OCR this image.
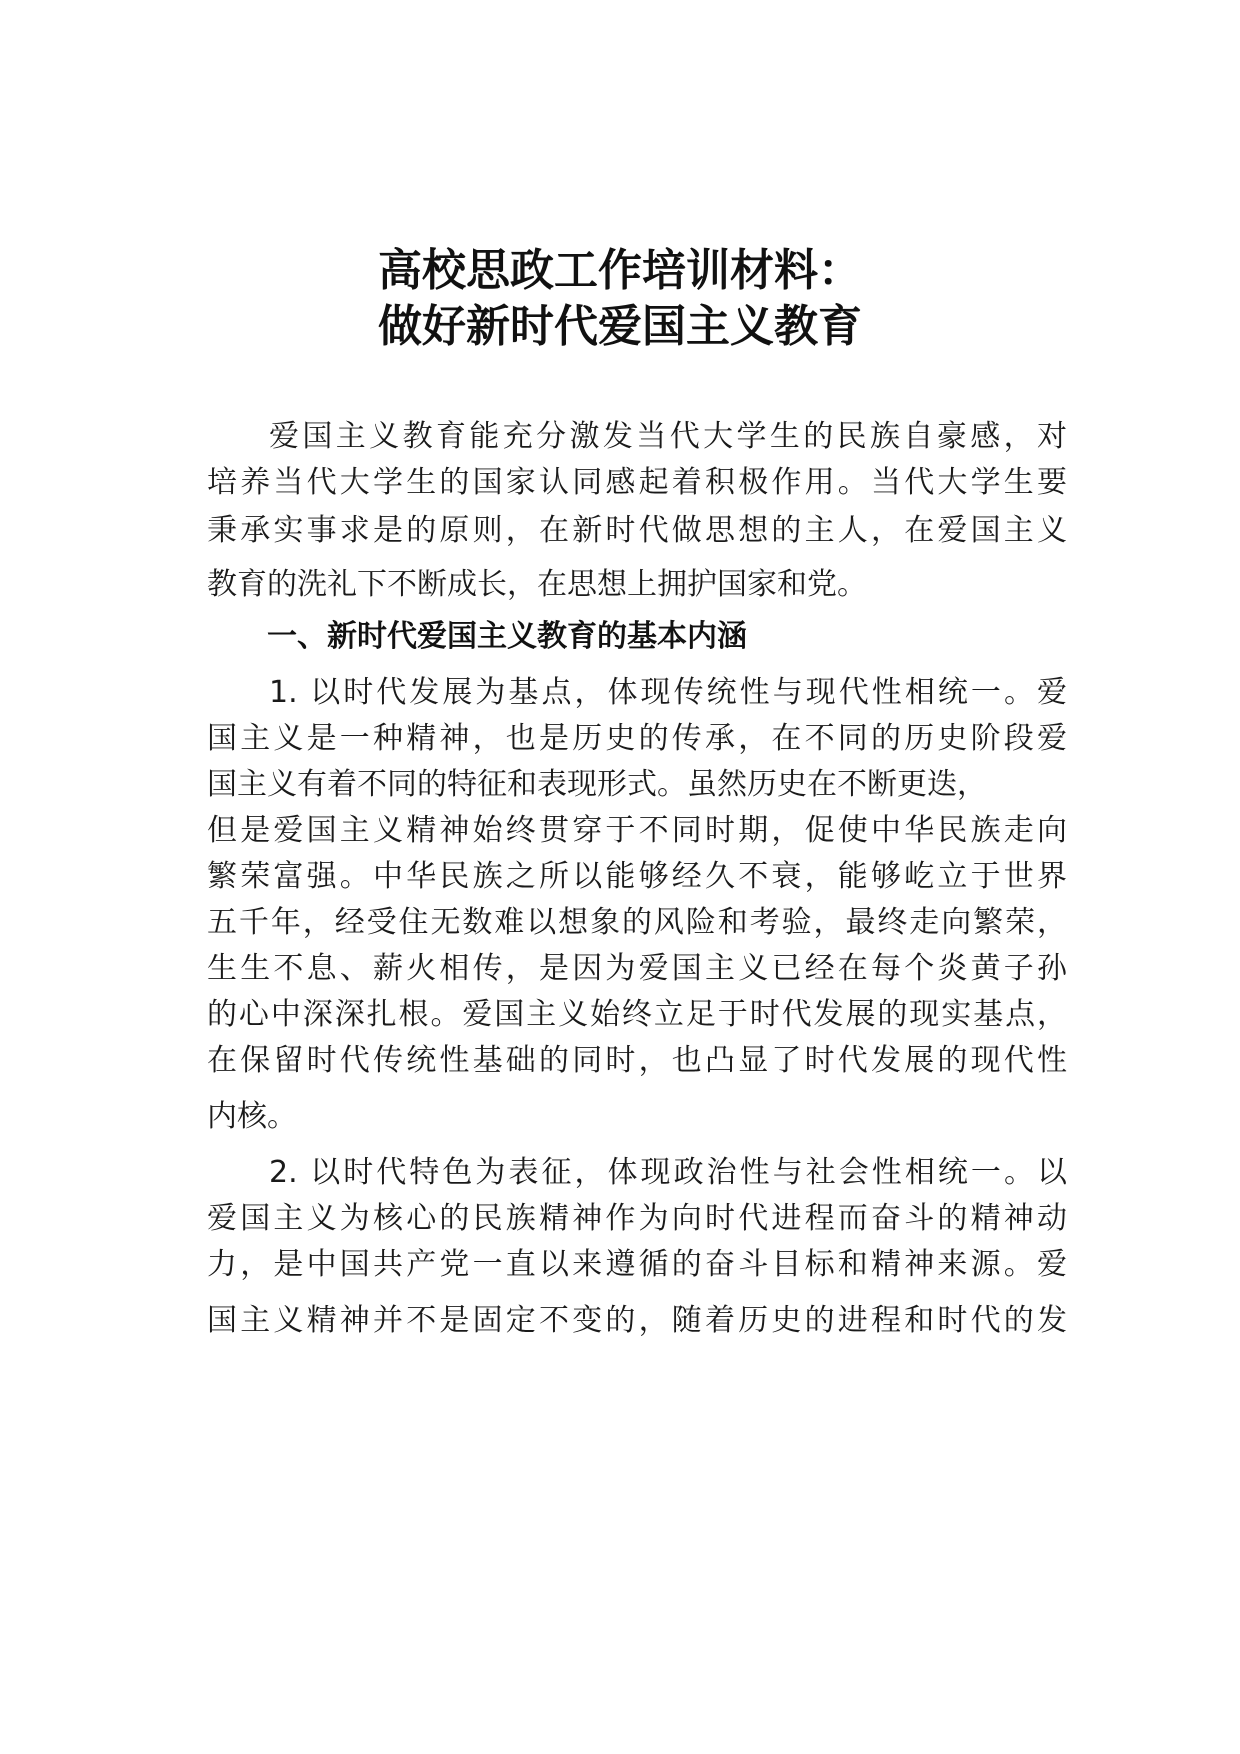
高校思政工作培训材料：
做好新时代爱国主义教育
爱国主义教育能充分激发当代大学生的民族自豪感，对
培养当代大学生的国家认同感起着积极作用。当代大学生要
秉承实事求是的原则，在新时代做思想的主人，在爱国主义
教育的洗礼下不断成长，在思想上拥护国家和党。
一、新时代爱国主义教育的基本内涵
1. 以时代发展为基点，体现传统性与现代性相统一。爱
国主义是一种精神，也是历史的传承，在不同的历史阶段爱
国主义有着不同的特征和表现形式。虽然历史在不断更迭，
但是爱国主义精神始终贯穿于不同时期，促使中华民族走向
繁荣富强。中华民族之所以能够经久不衰，能够屹立于世界
五千年，经受住无数难以想象的风险和考验，最终走向繁荣，
生生不息、薪火相传，是因为爱国主义已经在每个炎黄子孙
的心中深深扎根。爱国主义始终立足于时代发展的现实基点，
在保留时代传统性基础的同时，也凸显了时代发展的现代性
内核。
2. 以时代特色为表征，体现政治性与社会性相统一。以
爱国主义为核心的民族精神作为向时代进程而奋斗的精神动
力，是中国共产党一直以来遵循的奋斗目标和精神来源。爱
国主义精神并不是固定不变的，随着历史的进程和时代的发
